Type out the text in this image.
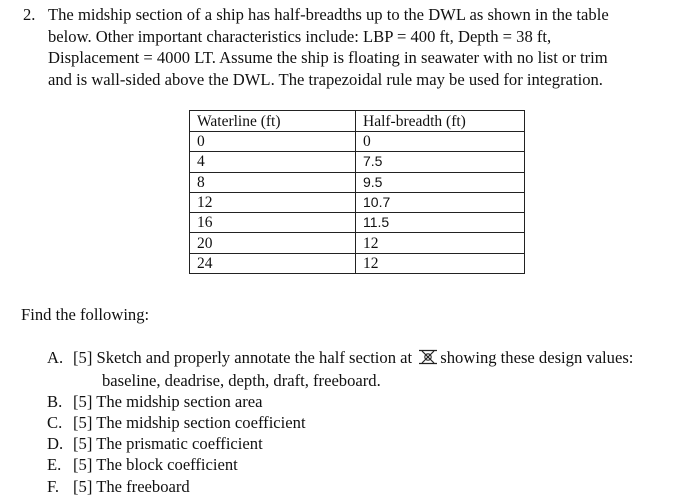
2. The midship section of a ship has half-breadths up to the DWL as shown in the table
below. Other important characteristics include: LBP = 400 ft, Depth = 38 ft,
Displacement = 4000 LT. Assume the ship is floating in seawater with no list or trim
and is wall-sided above the DWL. The trapezoidal rule may be used for integration.
Waterline (ft)	Half-breadth (ft)
0	0
4	7.5
8	9.5
12	10.7
16	11.5
20	12
24	12
Find the following:
A. [5] Sketch and properly annotate the half section at showing these design values:
baseline, deadrise, depth, draft, freeboard.
B. [5] The midship section area
C. [5] The midship section coefficient
D. [5] The prismatic coefficient
E. [5] The block coefficient
F. [5] The freeboard
